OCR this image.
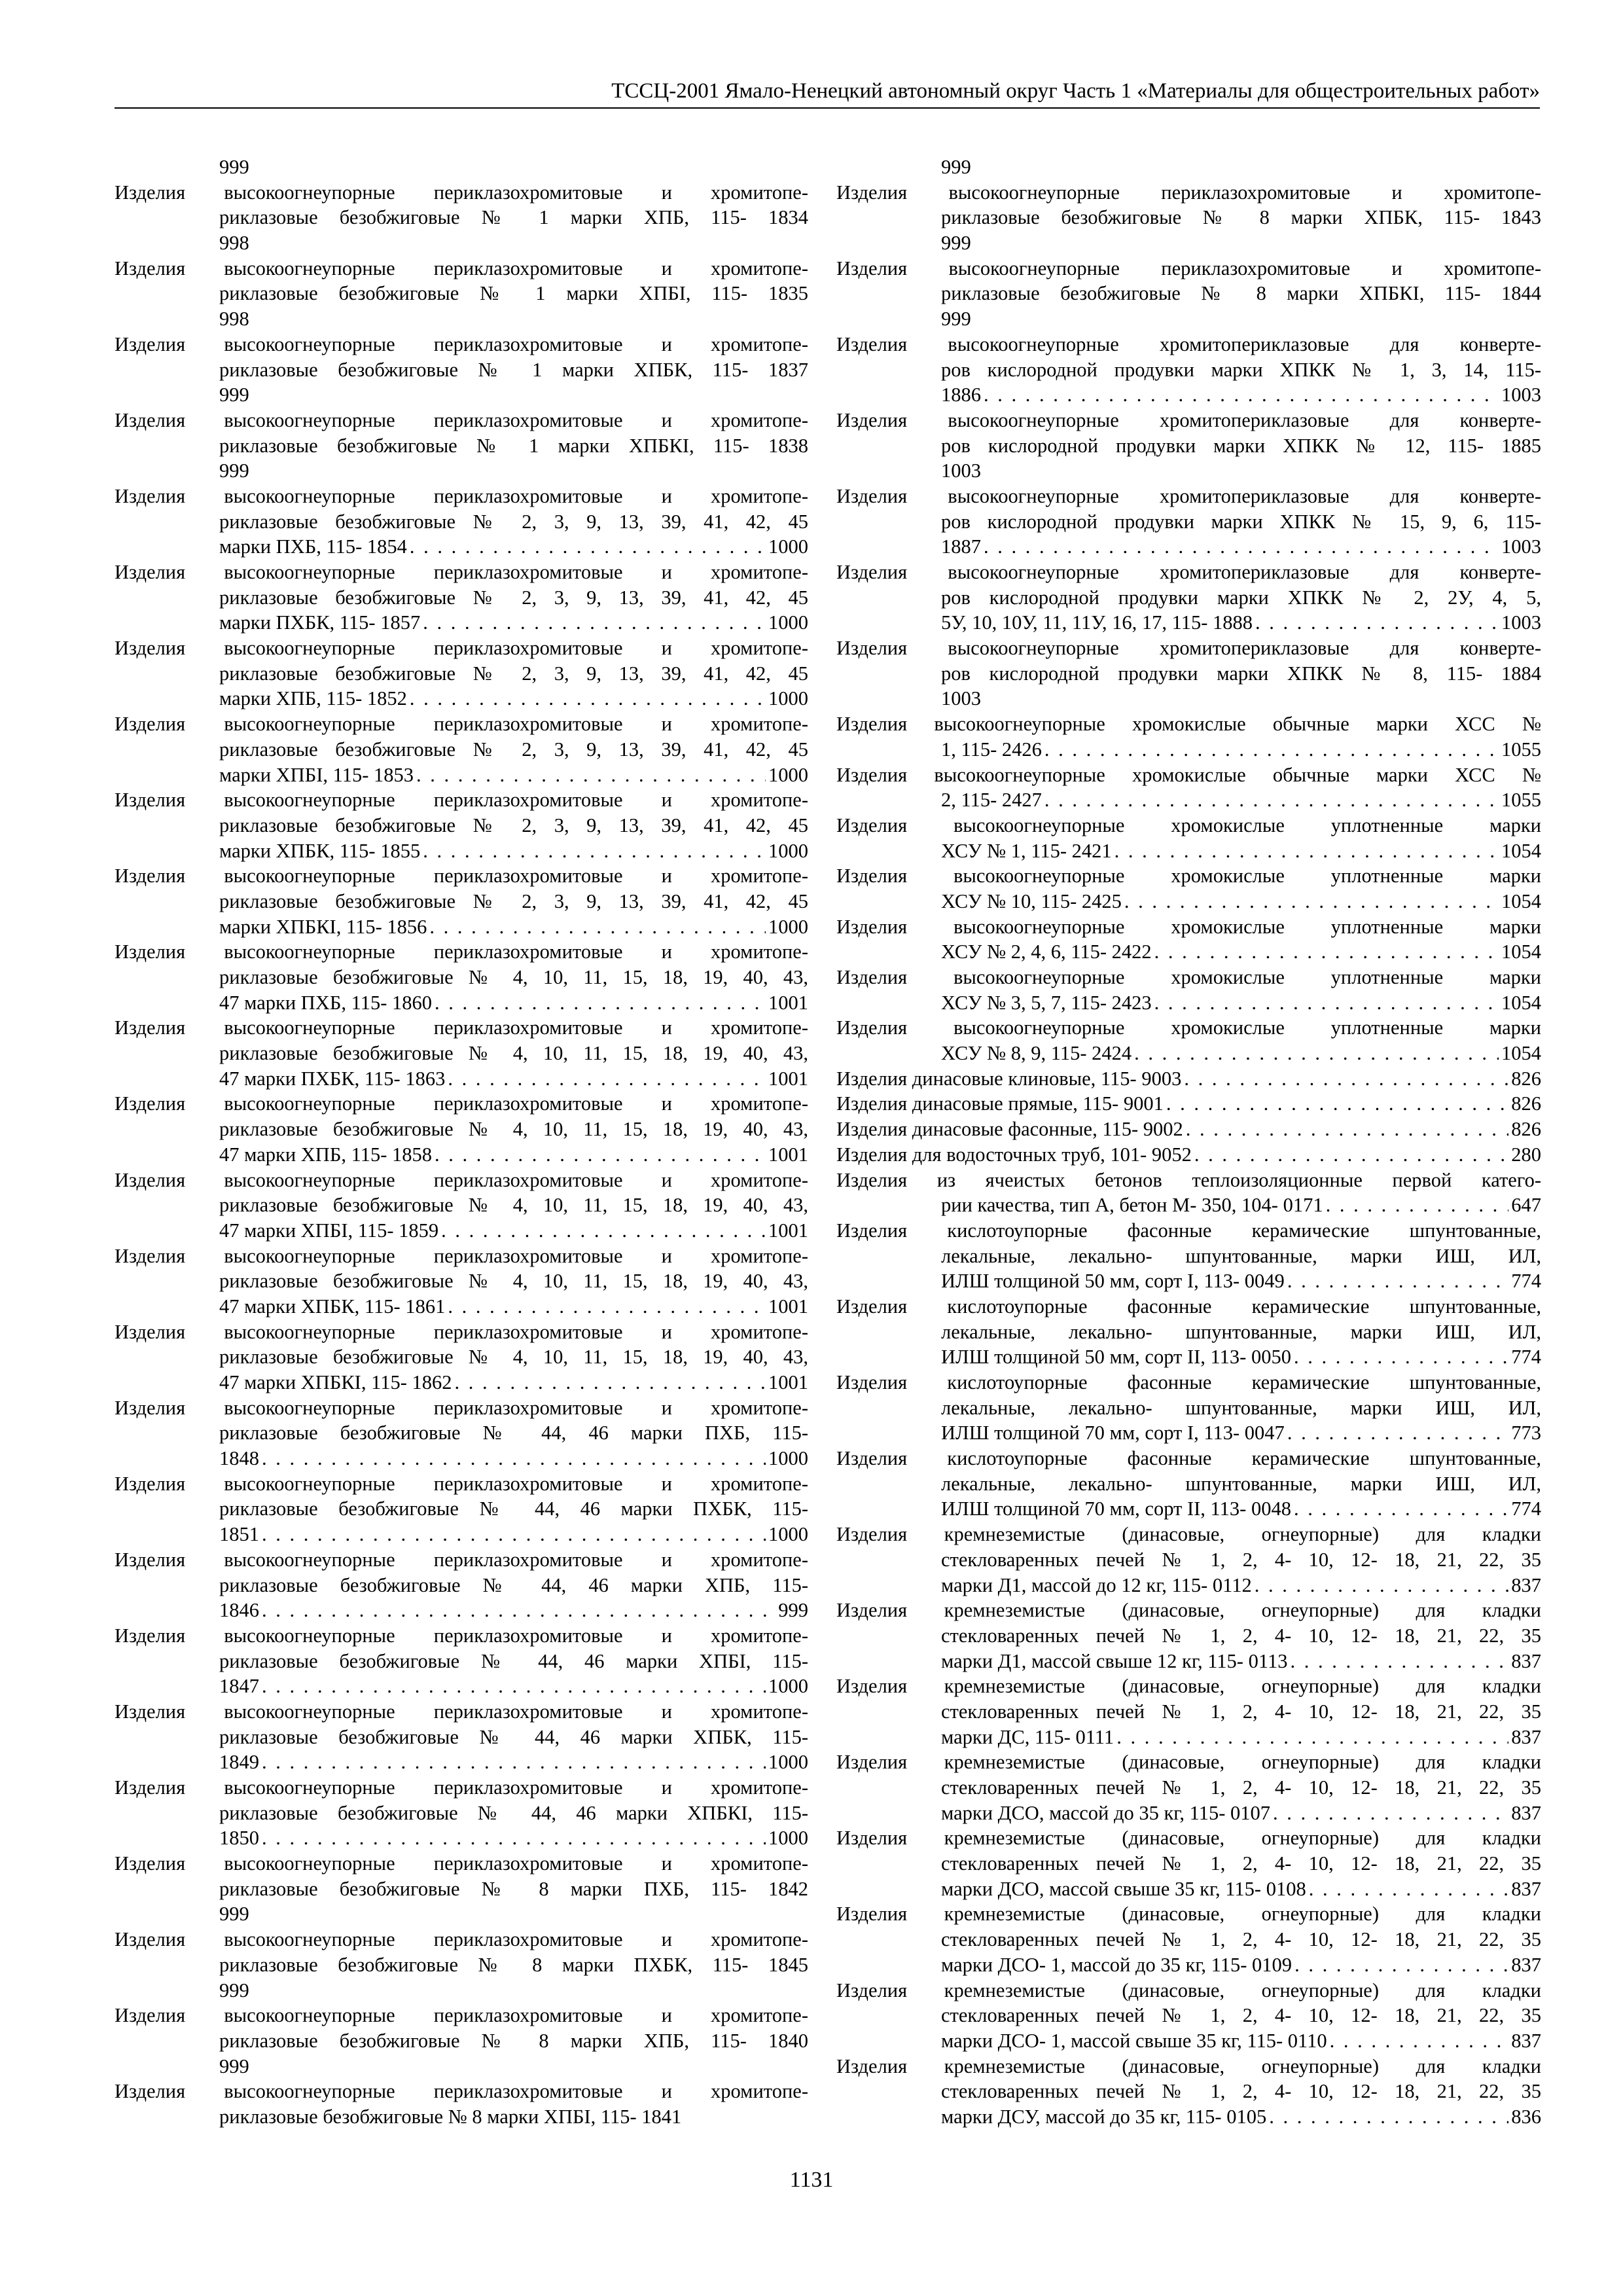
ТССЦ-2001 Ямало-Ненецкий автономный округ Часть 1 «Материалы для общестроительных работ»
999
Изделия высокоогнеупорные периклазохромитовые и хромитопе-
риклазовые безобжиговые № 1 марки ХПБ, 115- 1834
998
Изделия высокоогнеупорные периклазохромитовые и хромитопе-
риклазовые безобжиговые № 1 марки ХПБІ, 115- 1835
998
Изделия высокоогнеупорные периклазохромитовые и хромитопе-
риклазовые безобжиговые № 1 марки ХПБК, 115- 1837
999
Изделия высокоогнеупорные периклазохромитовые и хромитопе-
риклазовые безобжиговые № 1 марки ХПБКІ, 115- 1838
999
Изделия высокоогнеупорные периклазохромитовые и хромитопе-
риклазовые безобжиговые № 2, 3, 9, 13, 39, 41, 42, 45
марки ПХБ, 115- 1854 . . .	1000
Изделия высокоогнеупорные периклазохромитовые и хромитопе-
риклазовые безобжиговые № 2, 3, 9, 13, 39, 41, 42, 45
марки ПХБК, 115- 1857 . . .	1000
Изделия высокоогнеупорные периклазохромитовые и хромитопе-
риклазовые безобжиговые № 2, 3, 9, 13, 39, 41, 42, 45
марки ХПБ, 115- 1852 . . .	1000
Изделия высокоогнеупорные периклазохромитовые и хромитопе-
риклазовые безобжиговые № 2, 3, 9, 13, 39, 41, 42, 45
марки ХПБІ, 115- 1853 . . .	1000
Изделия высокоогнеупорные периклазохромитовые и хромитопе-
риклазовые безобжиговые № 2, 3, 9, 13, 39, 41, 42, 45
марки ХПБК, 115- 1855 . . .	1000
Изделия высокоогнеупорные периклазохромитовые и хромитопе-
риклазовые безобжиговые № 2, 3, 9, 13, 39, 41, 42, 45
марки ХПБКІ, 115- 1856 . . .	1000
Изделия высокоогнеупорные периклазохромитовые и хромитопе-
риклазовые безобжиговые № 4, 10, 11, 15, 18, 19, 40, 43,
47 марки ПХБ, 115- 1860 . . .	1001
Изделия высокоогнеупорные периклазохромитовые и хромитопе-
риклазовые безобжиговые № 4, 10, 11, 15, 18, 19, 40, 43,
47 марки ПХБК, 115- 1863 . . .	1001
Изделия высокоогнеупорные периклазохромитовые и хромитопе-
риклазовые безобжиговые № 4, 10, 11, 15, 18, 19, 40, 43,
47 марки ХПБ, 115- 1858 . . .	1001
Изделия высокоогнеупорные периклазохромитовые и хромитопе-
риклазовые безобжиговые № 4, 10, 11, 15, 18, 19, 40, 43,
47 марки ХПБІ, 115- 1859 . . .	1001
Изделия высокоогнеупорные периклазохромитовые и хромитопе-
риклазовые безобжиговые № 4, 10, 11, 15, 18, 19, 40, 43,
47 марки ХПБК, 115- 1861 . . .	1001
Изделия высокоогнеупорные периклазохромитовые и хромитопе-
риклазовые безобжиговые № 4, 10, 11, 15, 18, 19, 40, 43,
47 марки ХПБКІ, 115- 1862 . . .	1001
Изделия высокоогнеупорные периклазохромитовые и хромитопе-
риклазовые безобжиговые № 44, 46 марки ПХБ, 115-
1848 . . .	1000
Изделия высокоогнеупорные периклазохромитовые и хромитопе-
риклазовые безобжиговые № 44, 46 марки ПХБК, 115-
1851 . . .	1000
Изделия высокоогнеупорные периклазохромитовые и хромитопе-
риклазовые безобжиговые № 44, 46 марки ХПБ, 115-
1846 . . .	999
Изделия высокоогнеупорные периклазохромитовые и хромитопе-
риклазовые безобжиговые № 44, 46 марки ХПБІ, 115-
1847 . . .	1000
Изделия высокоогнеупорные периклазохромитовые и хромитопе-
риклазовые безобжиговые № 44, 46 марки ХПБК, 115-
1849 . . .	1000
Изделия высокоогнеупорные периклазохромитовые и хромитопе-
риклазовые безобжиговые № 44, 46 марки ХПБКІ, 115-
1850 . . .	1000
Изделия высокоогнеупорные периклазохромитовые и хромитопе-
риклазовые безобжиговые № 8 марки ПХБ, 115- 1842
999
Изделия высокоогнеупорные периклазохромитовые и хромитопе-
риклазовые безобжиговые № 8 марки ПХБК, 115- 1845
999
Изделия высокоогнеупорные периклазохромитовые и хромитопе-
риклазовые безобжиговые № 8 марки ХПБ, 115- 1840
999
Изделия высокоогнеупорные периклазохромитовые и хромитопе-
риклазовые безобжиговые № 8 марки ХПБІ, 115- 1841
999
Изделия высокоогнеупорные периклазохромитовые и хромитопе-
риклазовые безобжиговые № 8 марки ХПБК, 115- 1843
999
Изделия высокоогнеупорные периклазохромитовые и хромитопе-
риклазовые безобжиговые № 8 марки ХПБКІ, 115- 1844
999
Изделия высокоогнеупорные хромитопериклазовые для конверте-
ров кислородной продувки марки ХПКК № 1, 3, 14, 115-
1886 . . .	1003
Изделия высокоогнеупорные хромитопериклазовые для конверте-
ров кислородной продувки марки ХПКК № 12, 115- 1885
1003
Изделия высокоогнеупорные хромитопериклазовые для конверте-
ров кислородной продувки марки ХПКК № 15, 9, 6, 115-
1887 . . .	1003
Изделия высокоогнеупорные хромитопериклазовые для конверте-
ров кислородной продувки марки ХПКК № 2, 2У, 4, 5,
5У, 10, 10У, 11, 11У, 16, 17, 115- 1888 . . .	1003
Изделия высокоогнеупорные хромитопериклазовые для конверте-
ров кислородной продувки марки ХПКК № 8, 115- 1884
1003
Изделия высокоогнеупорные хромокислые обычные марки ХСС №
1, 115- 2426 . . .	1055
Изделия высокоогнеупорные хромокислые обычные марки ХСС №
2, 115- 2427 . . .	1055
Изделия высокоогнеупорные хромокислые уплотненные марки
ХСУ № 1, 115- 2421 . . .	1054
Изделия высокоогнеупорные хромокислые уплотненные марки
ХСУ № 10, 115- 2425 . . .	1054
Изделия высокоогнеупорные хромокислые уплотненные марки
ХСУ № 2, 4, 6, 115- 2422 . . .	1054
Изделия высокоогнеупорные хромокислые уплотненные марки
ХСУ № 3, 5, 7, 115- 2423 . . .	1054
Изделия высокоогнеупорные хромокислые уплотненные марки
ХСУ № 8, 9, 115- 2424 . . .	1054
Изделия динасовые клиновые, 115- 9003 . . .	826
Изделия динасовые прямые, 115- 9001 . . .	826
Изделия динасовые фасонные, 115- 9002 . . .	826
Изделия для водосточных труб, 101- 9052 . . .	280
Изделия из ячеистых бетонов теплоизоляционные первой катего-
рии качества, тип А, бетон М- 350, 104- 0171 . . .	647
Изделия кислотоупорные фасонные керамические шпунтованные,
лекальные, лекально- шпунтованные, марки ИШ, ИЛ,
ИЛШ толщиной 50 мм, сорт I, 113- 0049 . . .	774
Изделия кислотоупорные фасонные керамические шпунтованные,
лекальные, лекально- шпунтованные, марки ИШ, ИЛ,
ИЛШ толщиной 50 мм, сорт II, 113- 0050 . . .	774
Изделия кислотоупорные фасонные керамические шпунтованные,
лекальные, лекально- шпунтованные, марки ИШ, ИЛ,
ИЛШ толщиной 70 мм, сорт I, 113- 0047 . . .	773
Изделия кислотоупорные фасонные керамические шпунтованные,
лекальные, лекально- шпунтованные, марки ИШ, ИЛ,
ИЛШ толщиной 70 мм, сорт II, 113- 0048 . . .	774
Изделия кремнеземистые (динасовые, огнеупорные) для кладки
стекловаренных печей № 1, 2, 4- 10, 12- 18, 21, 22, 35
марки Д1, массой до 12 кг, 115- 0112 . . .	837
Изделия кремнеземистые (динасовые, огнеупорные) для кладки
стекловаренных печей № 1, 2, 4- 10, 12- 18, 21, 22, 35
марки Д1, массой свыше 12 кг, 115- 0113 . . .	837
Изделия кремнеземистые (динасовые, огнеупорные) для кладки
стекловаренных печей № 1, 2, 4- 10, 12- 18, 21, 22, 35
марки ДС, 115- 0111 . . .	837
Изделия кремнеземистые (динасовые, огнеупорные) для кладки
стекловаренных печей № 1, 2, 4- 10, 12- 18, 21, 22, 35
марки ДСО, массой до 35 кг, 115- 0107 . . .	837
Изделия кремнеземистые (динасовые, огнеупорные) для кладки
стекловаренных печей № 1, 2, 4- 10, 12- 18, 21, 22, 35
марки ДСО, массой свыше 35 кг, 115- 0108 . . .	837
Изделия кремнеземистые (динасовые, огнеупорные) для кладки
стекловаренных печей № 1, 2, 4- 10, 12- 18, 21, 22, 35
марки ДСО- 1, массой до 35 кг, 115- 0109 . . .	837
Изделия кремнеземистые (динасовые, огнеупорные) для кладки
стекловаренных печей № 1, 2, 4- 10, 12- 18, 21, 22, 35
марки ДСО- 1, массой свыше 35 кг, 115- 0110 . . .	837
Изделия кремнеземистые (динасовые, огнеупорные) для кладки
стекловаренных печей № 1, 2, 4- 10, 12- 18, 21, 22, 35
марки ДСУ, массой до 35 кг, 115- 0105 . . .	836
1131
